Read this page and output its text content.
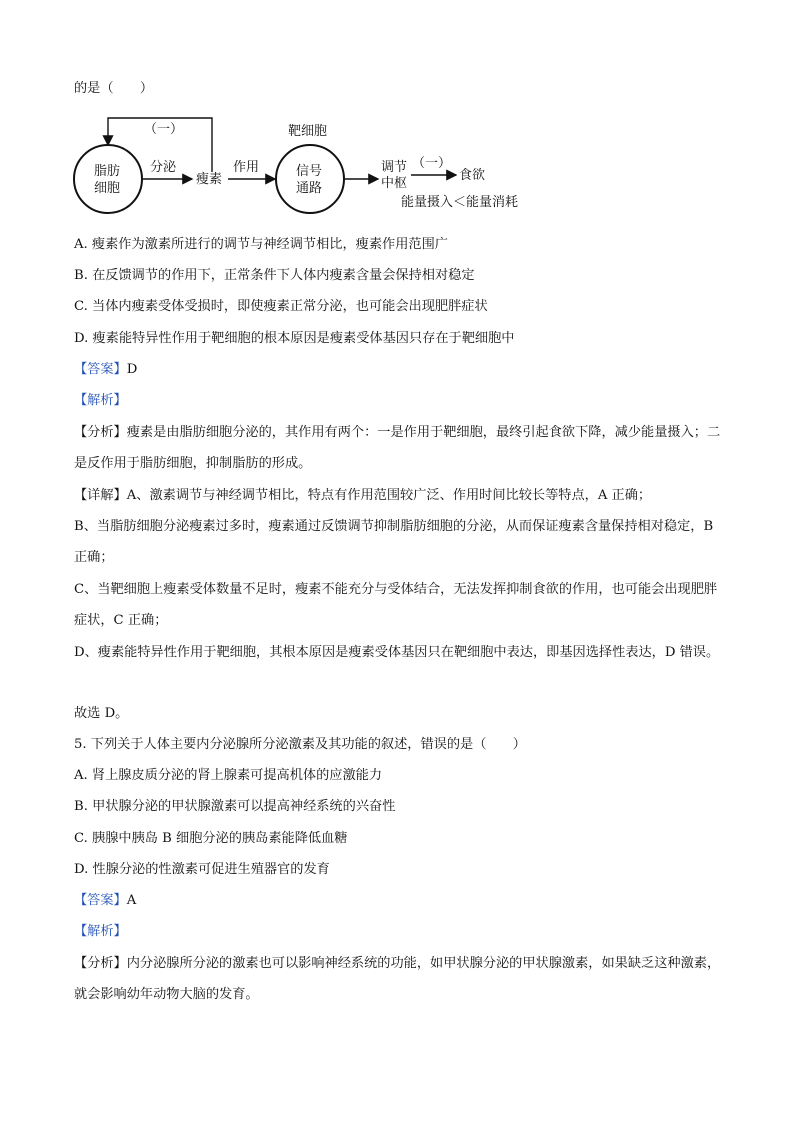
的是（　　）
（一）
脂肪
细胞
分泌
瘦素
作用
靶细胞
信号
通路
调节
中枢
（一）
食欲
能量摄入＜能量消耗
A. 瘦素作为激素所进行的调节与神经调节相比，瘦素作用范围广
B. 在反馈调节的作用下，正常条件下人体内瘦素含量会保持相对稳定
C. 当体内瘦素受体受损时，即使瘦素正常分泌，也可能会出现肥胖症状
D. 瘦素能特异性作用于靶细胞的根本原因是瘦素受体基因只存在于靶细胞中
【答案】D
【解析】
【分析】瘦素是由脂肪细胞分泌的，其作用有两个：一是作用于靶细胞，最终引起食欲下降，减少能量摄入；二是反作用于脂肪细胞，抑制脂肪的形成。
【详解】A、激素调节与神经调节相比，特点有作用范围较广泛、作用时间比较长等特点，A 正确；
B、当脂肪细胞分泌瘦素过多时，瘦素通过反馈调节抑制脂肪细胞的分泌，从而保证瘦素含量保持相对稳定，B 正确；
C、当靶细胞上瘦素受体数量不足时，瘦素不能充分与受体结合，无法发挥抑制食欲的作用，也可能会出现肥胖症状，C 正确；
D、瘦素能特异性作用于靶细胞，其根本原因是瘦素受体基因只在靶细胞中表达，即基因选择性表达，D 错误。
故选 D。
5. 下列关于人体主要内分泌腺所分泌激素及其功能的叙述，错误的是（　　）
A. 肾上腺皮质分泌的肾上腺素可提高机体的应激能力
B. 甲状腺分泌的甲状腺激素可以提高神经系统的兴奋性
C. 胰腺中胰岛 B 细胞分泌的胰岛素能降低血糖
D. 性腺分泌的性激素可促进生殖器官的发育
【答案】A
【解析】
【分析】内分泌腺所分泌的激素也可以影响神经系统的功能，如甲状腺分泌的甲状腺激素，如果缺乏这种激素，就会影响幼年动物大脑的发育。
